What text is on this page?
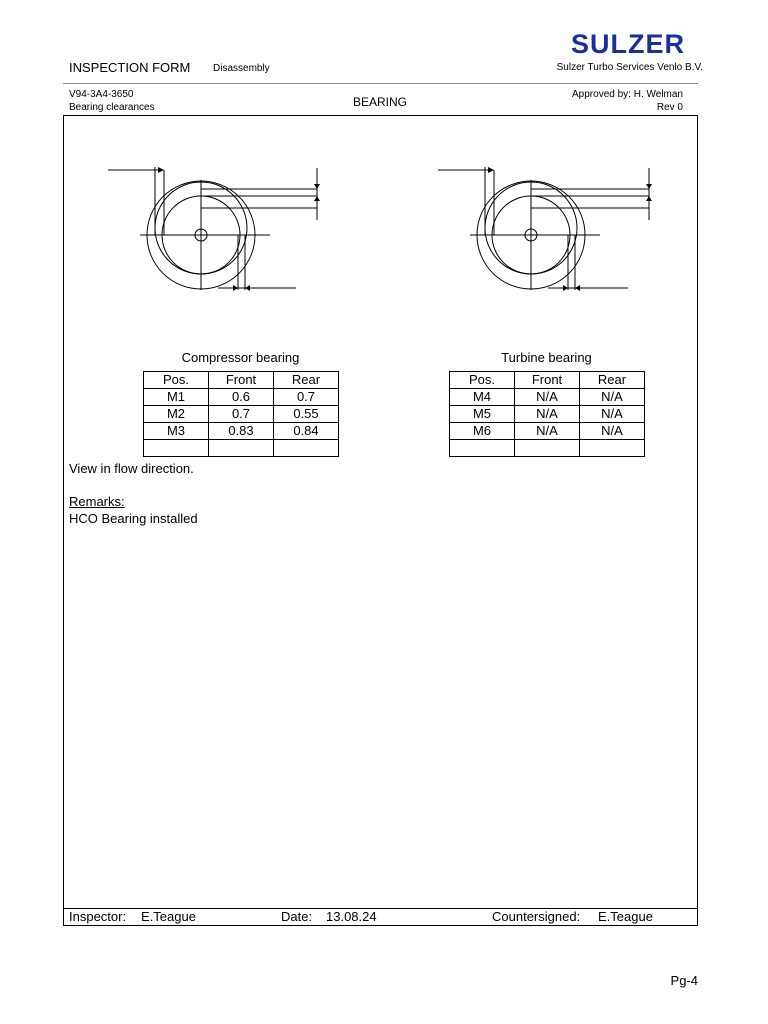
INSPECTION FORM Disassembly
SULZER
Sulzer Turbo Services Venlo B.V.
V94-3A4-3650
Bearing clearances	BEARING
Approved by: H. Welman
Rev 0
Compressor bearing	Turbine bearing
Pos.	Front	Rear
M1	0.6	0.7
M2	0.7	0.55
M3	0.83	0.84

Pos.	Front	Rear
M4	N/A	N/A
M5	N/A	N/A
M6	N/A	N/A

View in flow direction.
Remarks:
HCO Bearing installed
Inspector: E.Teague	Date: 13.08.24	Countersigned: E.Teague
Pg-4
